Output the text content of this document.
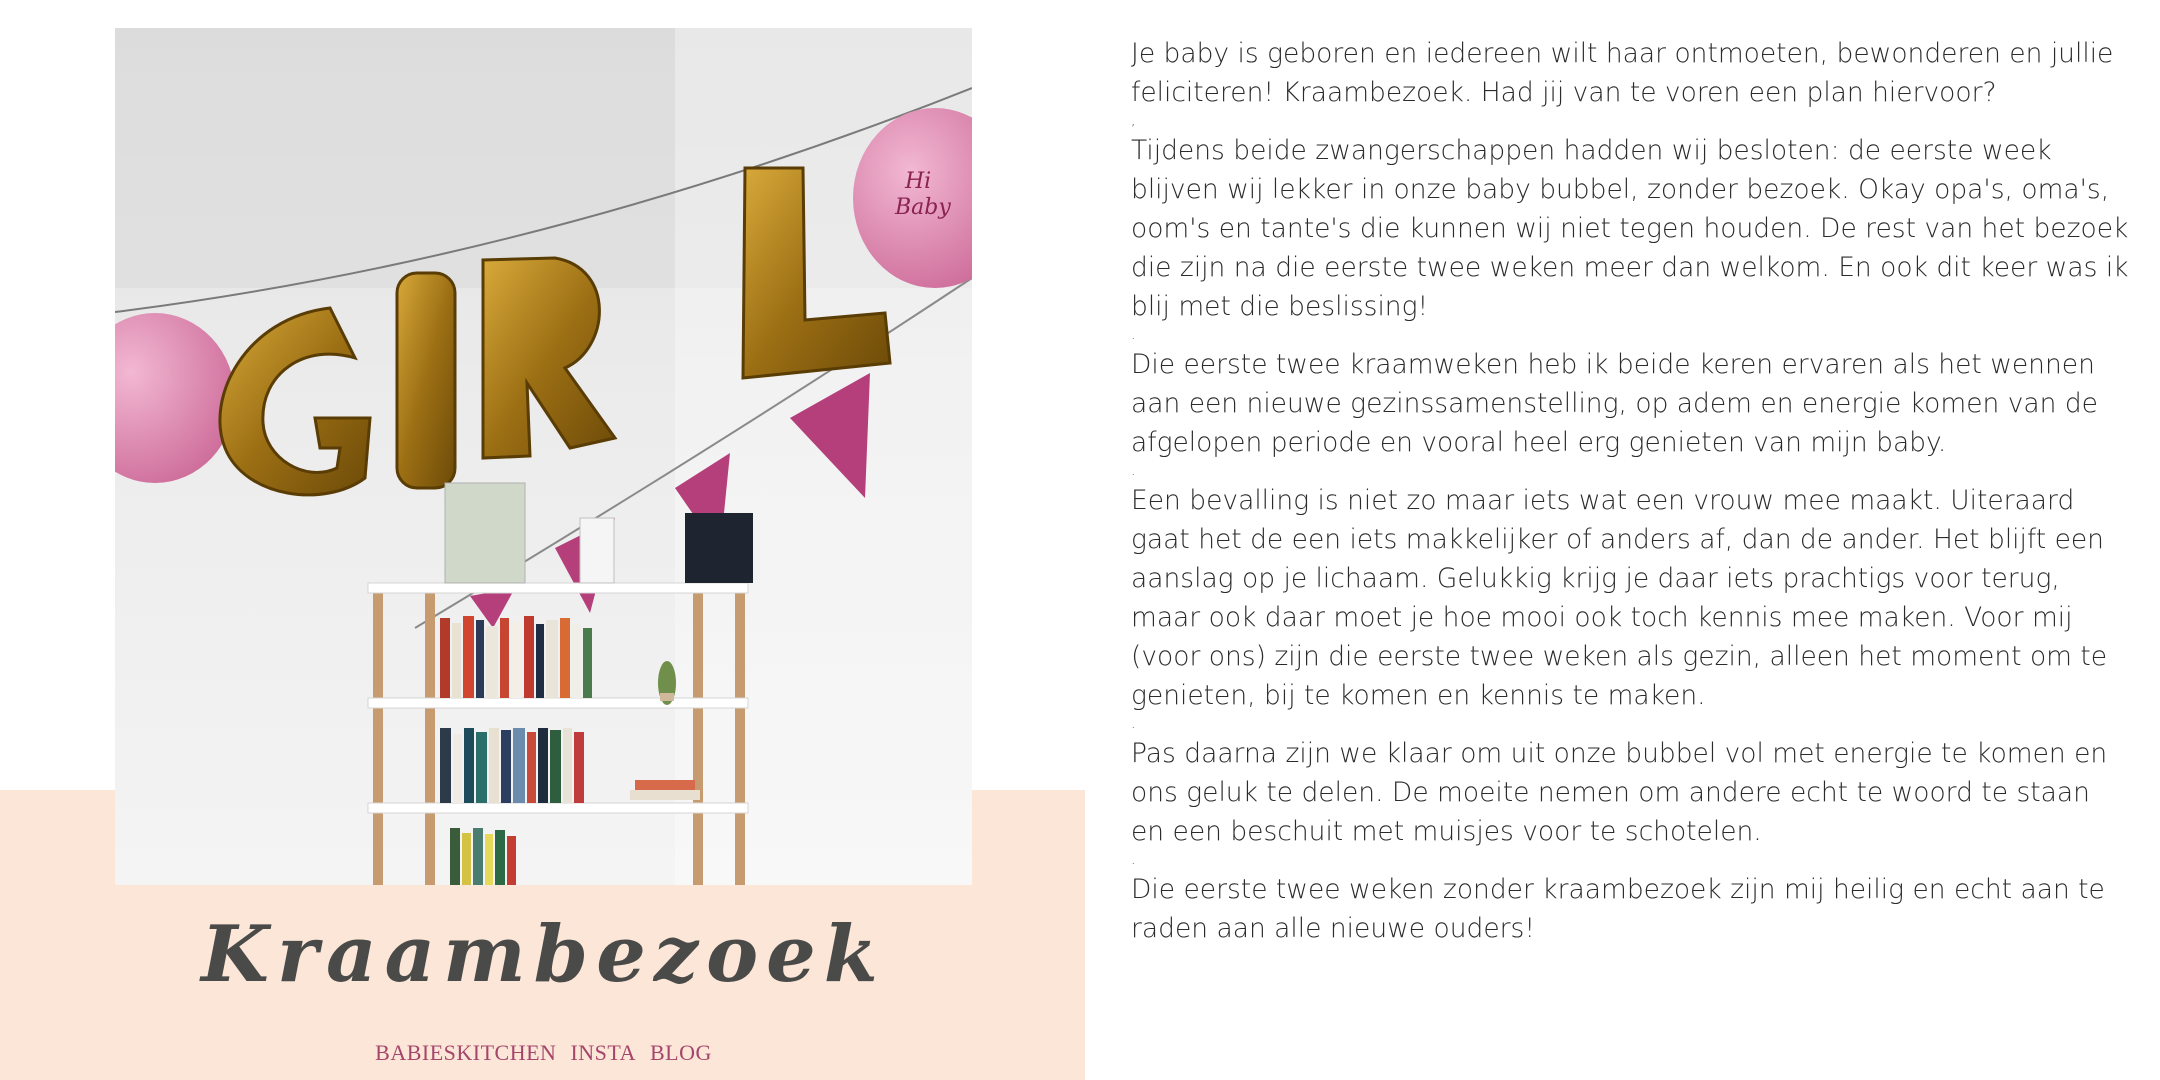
Hi
Baby
Kraambezoek
BABIESKITCHEN INSTA BLOG

Je baby is geboren en iedereen wilt haar ontmoeten, bewonderen en jullie feliciteren! Kraambezoek. Had jij van te voren een plan hiervoor?

,

Tijdens beide zwangerschappen hadden wij besloten: de eerste week blijven wij lekker in onze baby bubbel, zonder bezoek. Okay opa's, oma's, oom's en tante's die kunnen wij niet tegen houden. De rest van het bezoek die zijn na die eerste twee weken meer dan welkom. En ook dit keer was ik blij met die beslissing!

.

Die eerste twee kraamweken heb ik beide keren ervaren als het wennen aan een nieuwe gezinssamenstelling, op adem en energie komen van de afgelopen periode en vooral heel erg genieten van mijn baby.

.

Een bevalling is niet zo maar iets wat een vrouw mee maakt. Uiteraard gaat het de een iets makkelijker of anders af, dan de ander. Het blijft een aanslag op je lichaam. Gelukkig krijg je daar iets prachtigs voor terug, maar ook daar moet je hoe mooi ook toch kennis mee maken. Voor mij (voor ons) zijn die eerste twee weken als gezin, alleen het moment om te genieten, bij te komen en kennis te maken.

.

Pas daarna zijn we klaar om uit onze bubbel vol met energie te komen en ons geluk te delen. De moeite nemen om andere echt te woord te staan en een beschuit met muisjes voor te schotelen.

.

Die eerste twee weken zonder kraambezoek zijn mij heilig en echt aan te raden aan alle nieuwe ouders!
